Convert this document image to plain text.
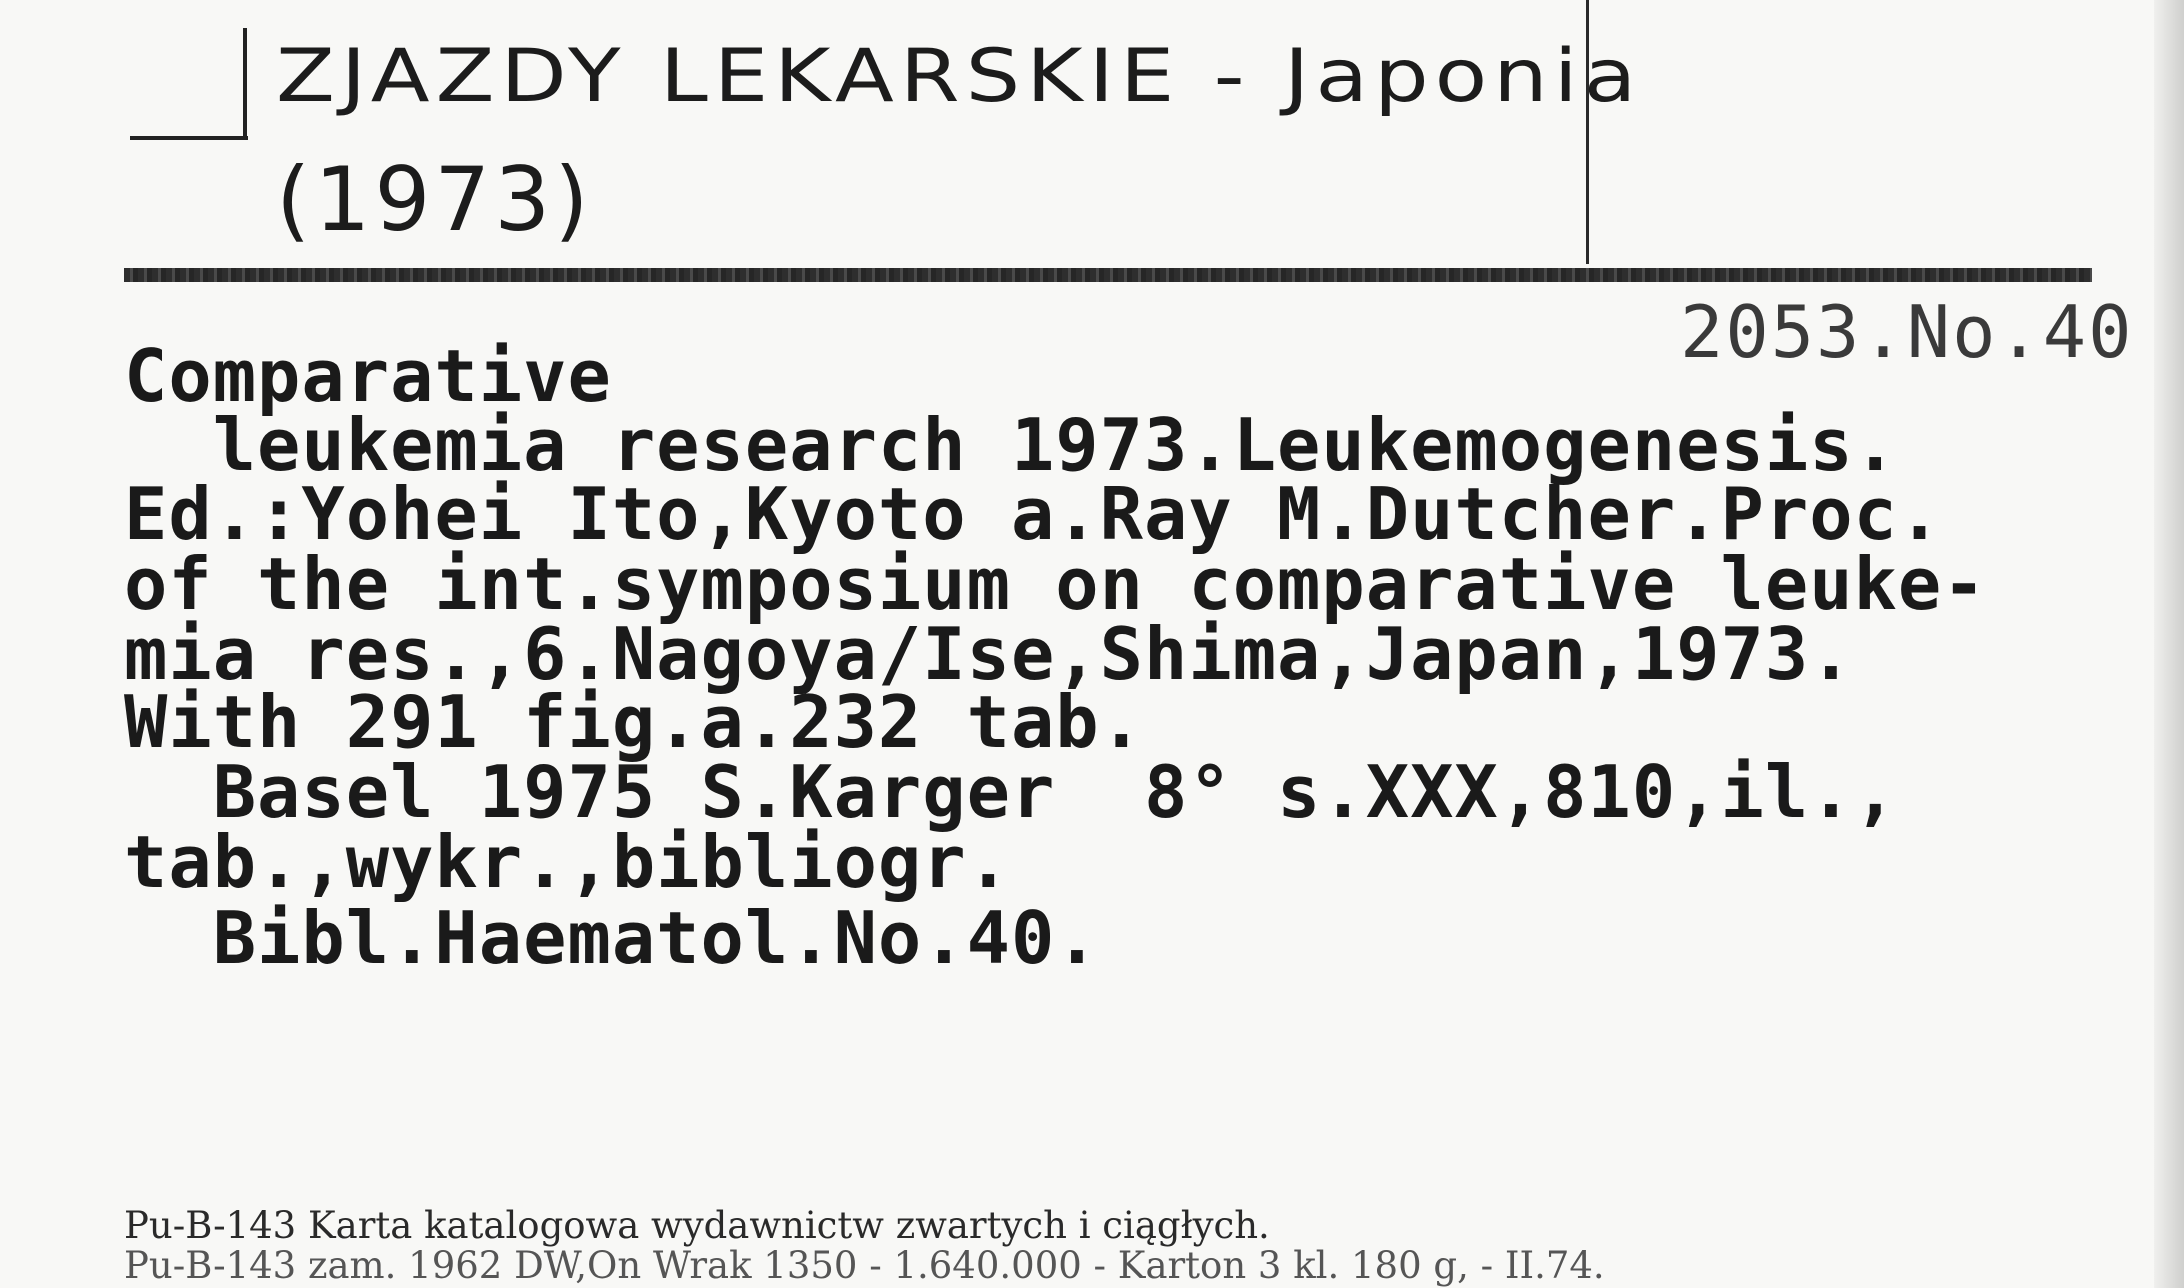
ZJAZDY LEKARSKIE - Japonia
(1973)
2053.No.40
Comparative
leukemia research 1973.Leukemogenesis.
Ed.:Yohei Ito,Kyoto a.Ray M.Dutcher.Proc.
of the int.symposium on comparative leuke-
mia res.,6.Nagoya/Ise,Shima,Japan,1973.
With 291 fig.a.232 tab.
Basel 1975 S.Karger  8° s.XXX,810,il.,
tab.,wykr.,bibliogr.
Bibl.Haematol.No.40.
Pu-B-143 Karta katalogowa wydawnictw zwartych i ciągłych.
Pu-B-143 zam. 1962 DW,On Wrak 1350 - 1.640.000 - Karton 3 kl. 180 g, - II.74.
